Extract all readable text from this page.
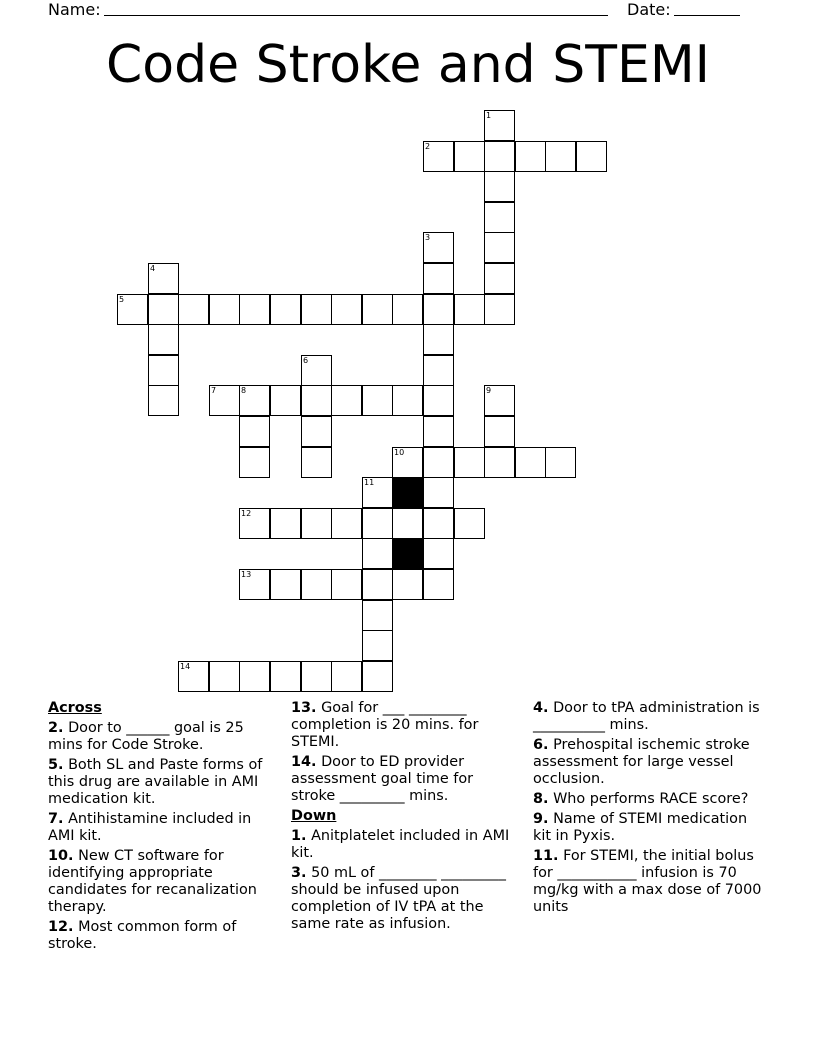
Name:	Date:
Code Stroke and STEMI
1
2
3
4
5
6
7	8	9
10
11
12
13
14
Across
2. Door to ______ goal is 25 mins for Code Stroke.
5. Both SL and Paste forms of this drug are available in AMI medication kit.
7. Antihistamine included in AMI kit.
10. New CT software for identifying appropriate candidates for recanalization therapy.
12. Most common form of stroke.
13. Goal for ___ ________ completion is 20 mins. for STEMI.
14. Door to ED provider assessment goal time for stroke _________ mins.
Down
1. Anitplatelet included in AMI kit.
3. 50 mL of ________ _________ should be infused upon completion of IV tPA at the same rate as infusion.
4. Door to tPA administration is __________ mins.
6. Prehospital ischemic stroke assessment for large vessel occlusion.
8. Who performs RACE score?
9. Name of STEMI medication kit in Pyxis.
11. For STEMI, the initial bolus for ___________ infusion is 70 mg/kg with a max dose of 7000 units
